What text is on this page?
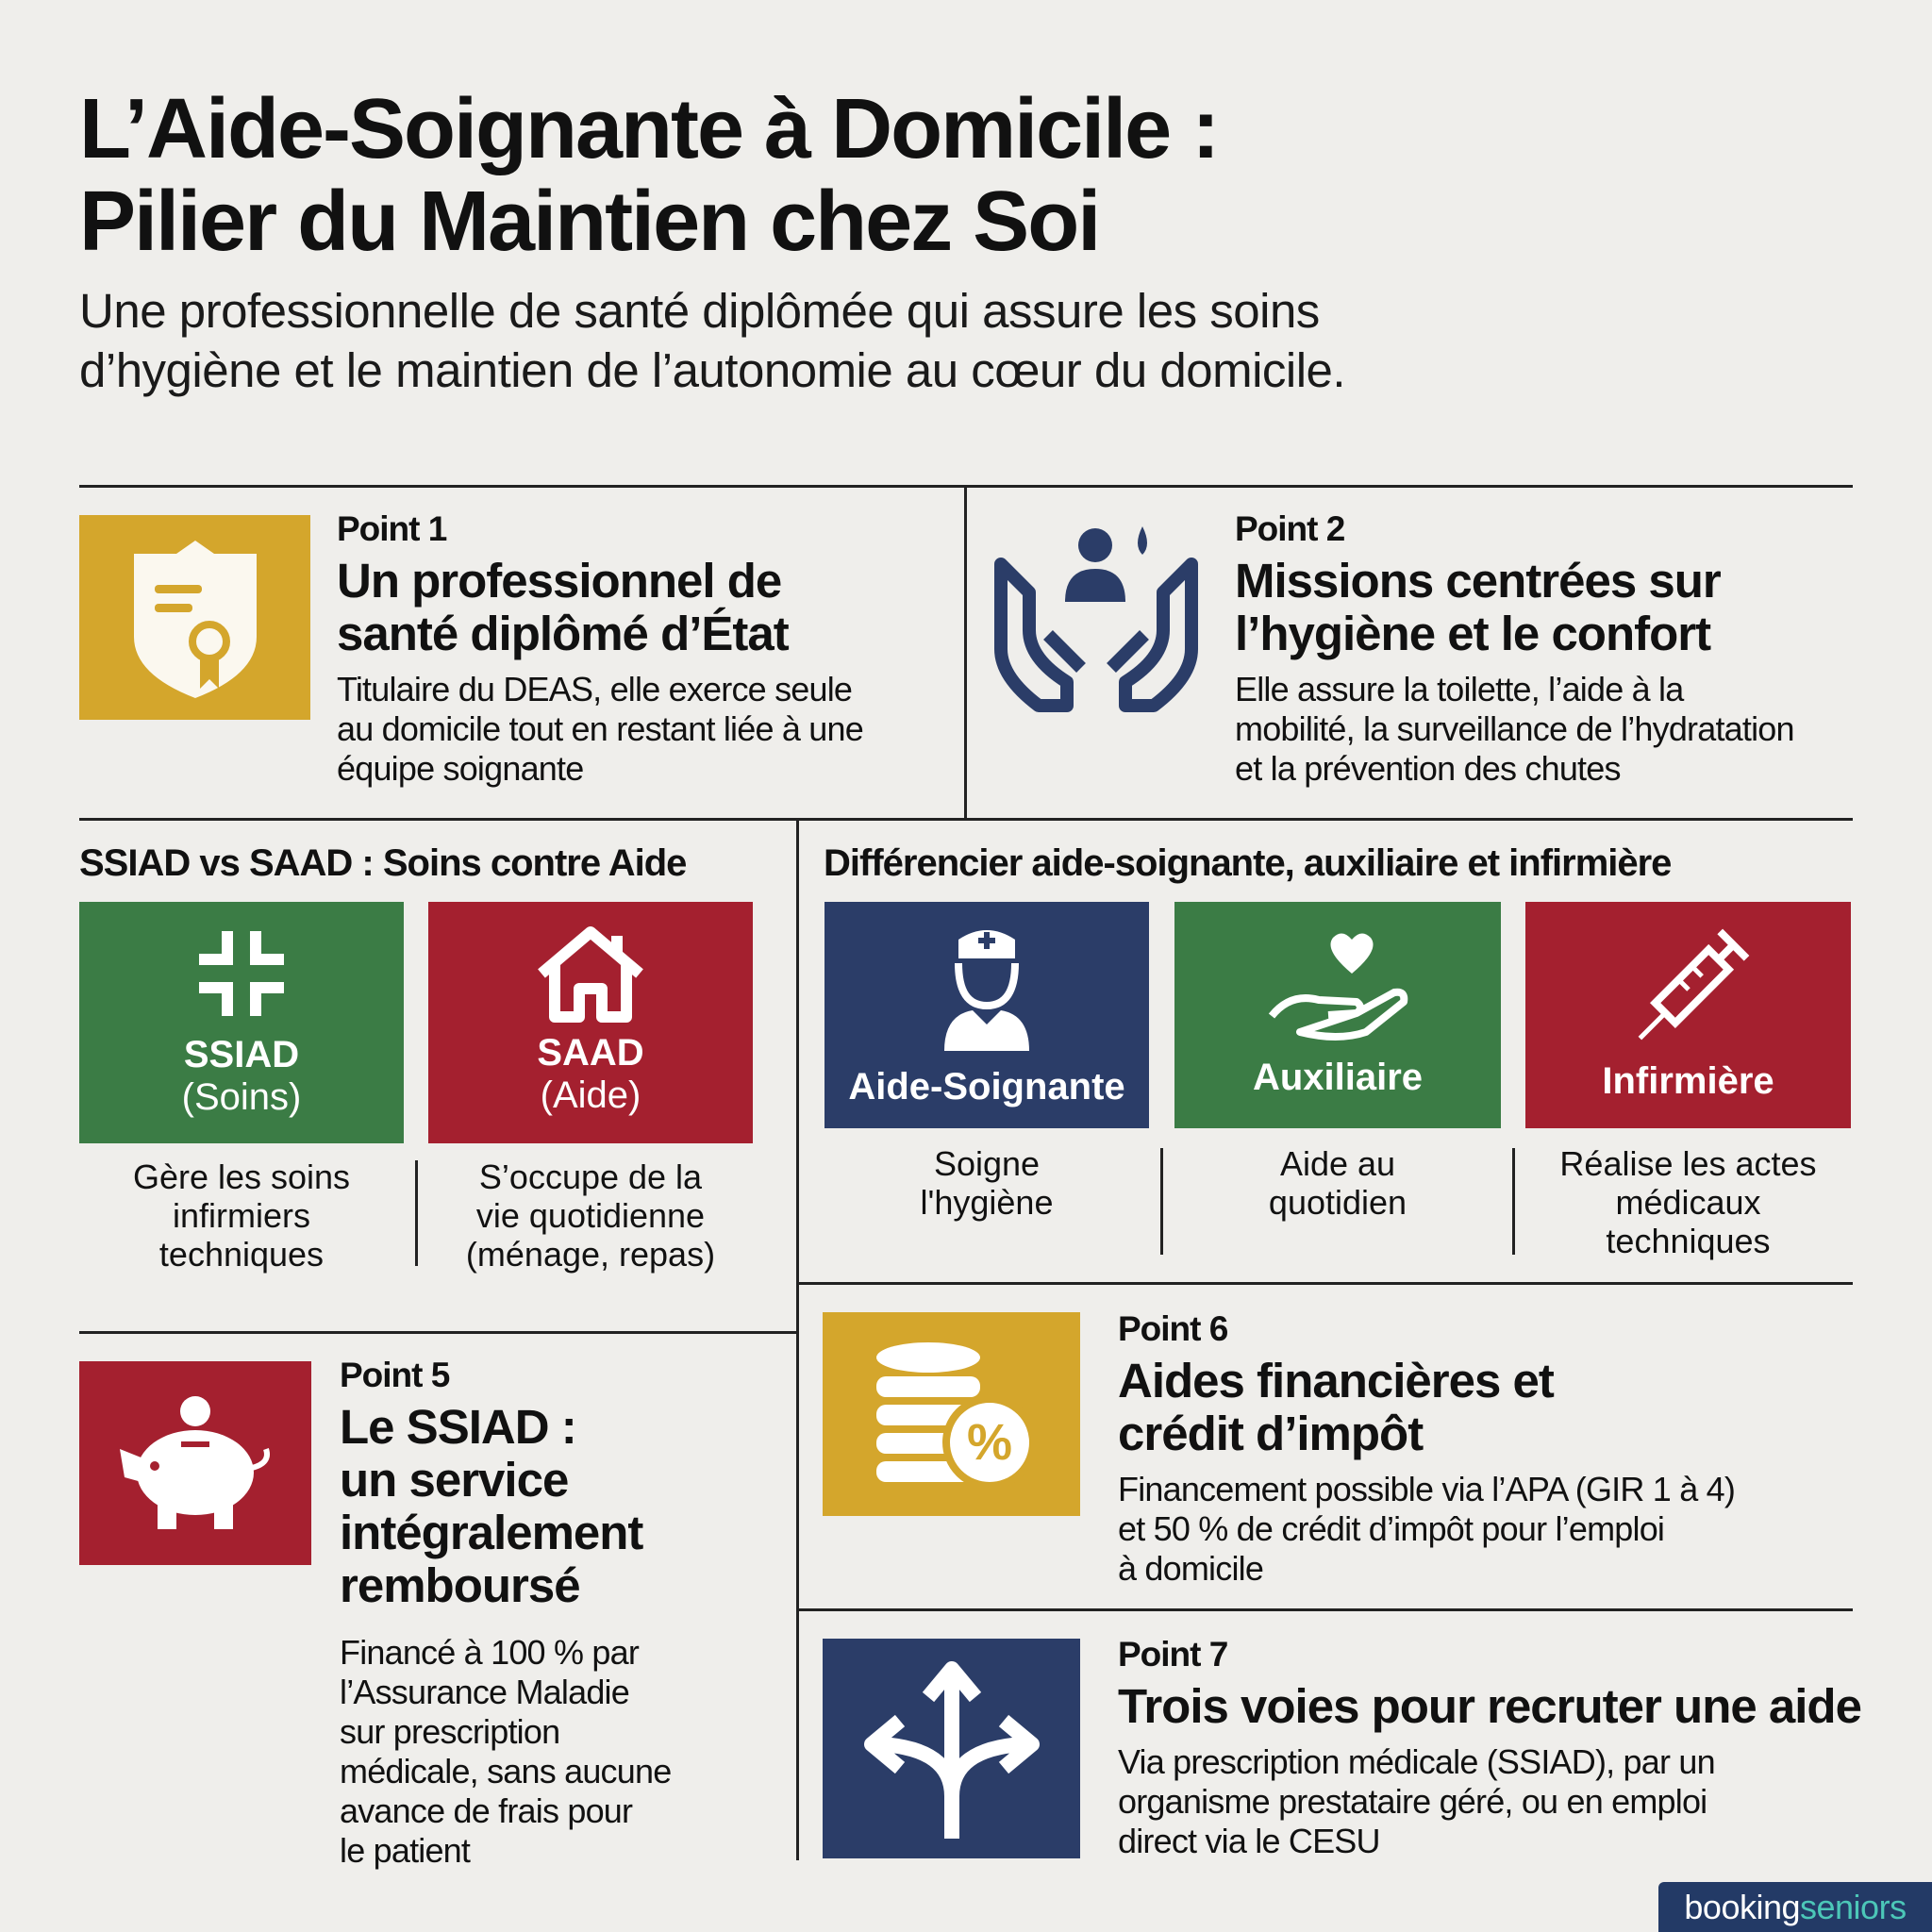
L’Aide-Soignante à Domicile :
Pilier du Maintien chez Soi
Une professionnelle de santé diplômée qui assure les soins
d’hygiène et le maintien de l’autonomie au cœur du domicile.
Point 1
Un professionnel de
santé diplômé d’État
Titulaire du DEAS, elle exerce seule
au domicile tout en restant liée à une
équipe soignante
Point 2
Missions centrées sur
l’hygiène et le confort
Elle assure la toilette, l’aide à la
mobilité, la surveillance de l’hydratation
et la prévention des chutes
SSIAD vs SAAD : Soins contre Aide
SSIAD
(Soins)
SAAD
(Aide)
Gère les soins
infirmiers
techniques
S’occupe de la
vie quotidienne
(ménage, repas)
Différencier aide-soignante, auxiliaire et infirmière
Aide-Soignante	Auxiliaire	Infirmière
Soigne
l'hygiène
Aide au
quotidien
Réalise les actes
médicaux
techniques
Point 5
Le SSIAD :
un service
intégralement
remboursé
Financé à 100 % par
l’Assurance Maladie
sur prescription
médicale, sans aucune
avance de frais pour
le patient
%
Point 6
Aides financières et
crédit d’impôt
Financement possible via l’APA (GIR 1 à 4)
et 50 % de crédit d’impôt pour l’emploi
à domicile
Point 7
Trois voies pour recruter une aide
Via prescription médicale (SSIAD), par un
organisme prestataire géré, ou en emploi
direct via le CESU
booking seniors
